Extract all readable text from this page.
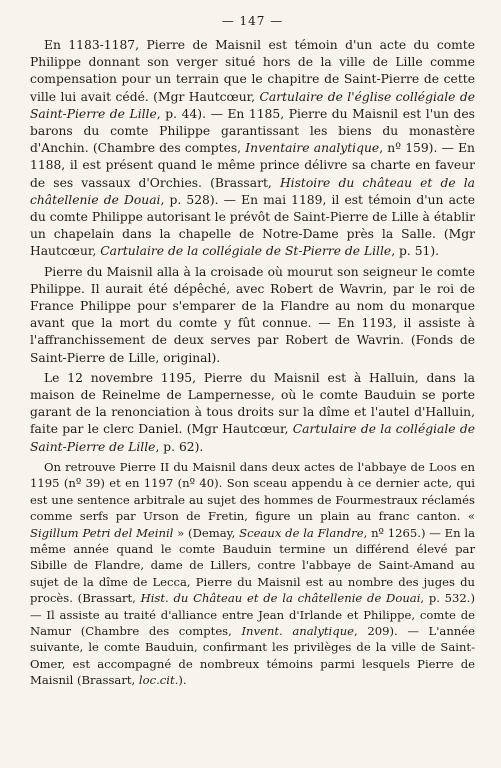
— 147 —

En 1183-1187, Pierre de Maisnil est témoin d'un acte du comte Philippe donnant son verger situé hors de la ville de Lille comme compensation pour un terrain que le chapitre de Saint-Pierre de cette ville lui avait cédé. (Mgr Hautcœur, Cartulaire de l'église collégiale de Saint-Pierre de Lille, p. 44). — En 1185, Pierre du Maisnil est l'un des barons du comte Philippe garantissant les biens du monastère d'Anchin. (Chambre des comptes, Inventaire analytique, nº 159). — En 1188, il est présent quand le même prince délivre sa charte en faveur de ses vassaux d'Orchies. (Brassart, Histoire du château et de la châtellenie de Douai, p. 528). — En mai 1189, il est témoin d'un acte du comte Philippe autorisant le prévôt de Saint-Pierre de Lille à établir un chapelain dans la chapelle de Notre-Dame près la Salle. (Mgr Hautcœur, Cartulaire de la collégiale de St-Pierre de Lille, p. 51).

Pierre du Maisnil alla à la croisade où mourut son seigneur le comte Philippe. Il aurait été dépêché, avec Robert de Wavrin, par le roi de France Philippe pour s'emparer de la Flandre au nom du monarque avant que la mort du comte y fût connue. — En 1193, il assiste à l'affranchissement de deux serves par Robert de Wavrin. (Fonds de Saint-Pierre de Lille, original).

Le 12 novembre 1195, Pierre du Maisnil est à Halluin, dans la maison de Reinelme de Lampernesse, où le comte Bauduin se porte garant de la renonciation à tous droits sur la dîme et l'autel d'Halluin, faite par le clerc Daniel. (Mgr Hautcœur, Cartulaire de la collégiale de Saint-Pierre de Lille, p. 62).

On retrouve Pierre II du Maisnil dans deux actes de l'abbaye de Loos en 1195 (nº 39) et en 1197 (nº 40). Son sceau appendu à ce dernier acte, qui est une sentence arbitrale au sujet des hommes de Fourmestraux réclamés comme serfs par Urson de Fretin, figure un plain au franc canton. « Sigillum Petri del Meinil » (Demay, Sceaux de la Flandre, nº 1265.) — En la même année quand le comte Bauduin termine un différend élevé par Sibille de Flandre, dame de Lillers, contre l'abbaye de Saint-Amand au sujet de la dîme de Lecca, Pierre du Maisnil est au nombre des juges du procès. (Brassart, Hist. du Château et de la châtellenie de Douai, p. 532.) — Il assiste au traité d'alliance entre Jean d'Irlande et Philippe, comte de Namur (Chambre des comptes, Invent. analytique, 209). — L'année suivante, le comte Bauduin, confirmant les privilèges de la ville de Saint-Omer, est accompagné de nombreux témoins parmi lesquels Pierre de Maisnil (Brassart, loc.cit.).
